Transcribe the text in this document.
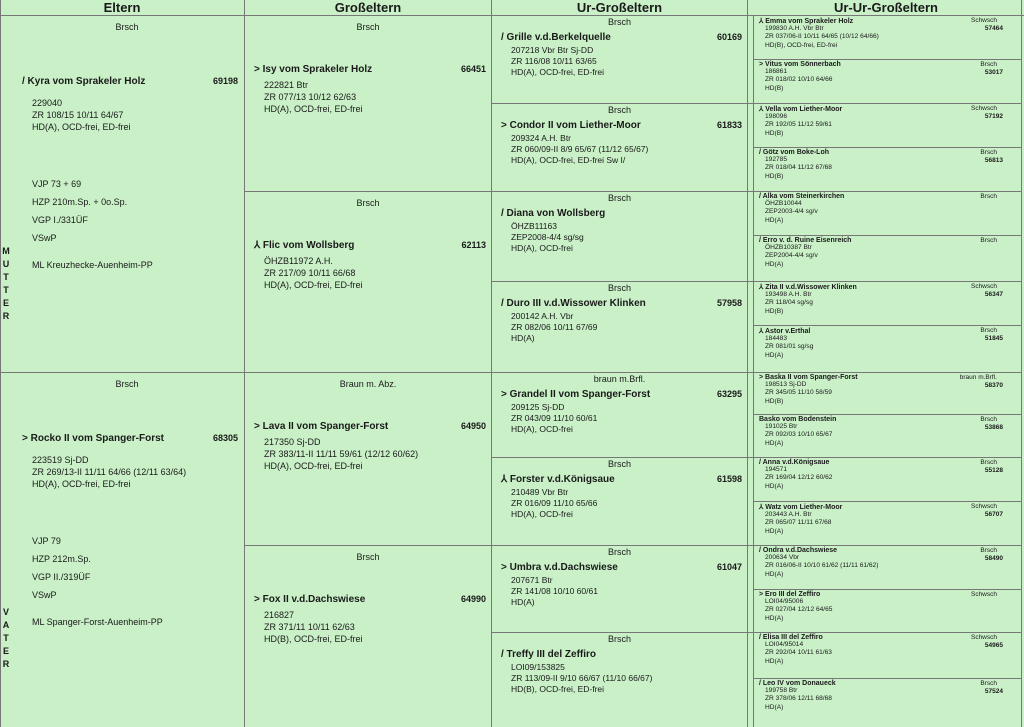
Eltern	Großeltern	Ur-Großeltern	Ur-Ur-Großeltern
M
U
T
T
E
R
V
A
T
E
R
Brsch
/ Kyra vom Sprakeler Holz	69198
229040
ZR 108/15 10/11 64/67
HD(A), OCD-frei, ED-frei
VJP 73 + 69
HZP 210m.Sp. + 0o.Sp.
VGP I./331ÜF
VSwP
ML Kreuzhecke-Auenheim-PP
Brsch
> Rocko II vom Spanger-Forst	68305
223519 Sj-DD
ZR 269/13-II 11/11 64/66 (12/11 63/64)
HD(A), OCD-frei, ED-frei
VJP 79
HZP 212m.Sp.
VGP II./319ÜF
VSwP
ML Spanger-Forst-Auenheim-PP
Brsch
> Isy vom Sprakeler Holz	66451
222821 Btr
ZR 077/13 10/12 62/63
HD(A), OCD-frei, ED-frei
Brsch
⅄ Flic vom Wollsberg	62113
ÖHZB11972 A.H.
ZR 217/09 10/11 66/68
HD(A), OCD-frei, ED-frei
Braun m. Abz.
> Lava II vom Spanger-Forst	64950
217350 Sj-DD
ZR 383/11-II 11/11 59/61 (12/12 60/62)
HD(A), OCD-frei, ED-frei
Brsch
> Fox II v.d.Dachswiese	64990
216827
ZR 371/11 10/11 62/63
HD(B), OCD-frei, ED-frei
Brsch
/ Grille v.d.Berkelquelle	60169
207218 Vbr Btr Sj-DD
ZR 116/08 10/11 63/65
HD(A), OCD-frei, ED-frei
Brsch
> Condor II vom Liether-Moor	61833
209324 A.H. Btr
ZR 060/09-II 8/9 65/67 (11/12 65/67)
HD(A), OCD-frei, ED-frei Sw I/
Brsch
/ Diana von Wollsberg
ÖHZB11163
ZEP2008-4/4 sg/sg
HD(A), OCD-frei
Brsch
/ Duro III v.d.Wissower Klinken	57958
200142 A.H. Vbr
ZR 082/06 10/11 67/69
HD(A)
braun m.Brfl.
> Grandel II vom Spanger-Forst	63295
209125 Sj-DD
ZR 043/09 11/10 60/61
HD(A), OCD-frei
Brsch
⅄ Forster v.d.Königsaue	61598
210489 Vbr Btr
ZR 016/09 11/10 65/66
HD(A), OCD-frei
Brsch
> Umbra v.d.Dachswiese	61047
207671 Btr
ZR 141/08 10/10 60/61
HD(A)
Brsch
/ Treffy III del Zeffiro
LOI09/153825
ZR 113/09-II 9/10 66/67 (11/10 66/67)
HD(B), OCD-frei, ED-frei
⅄ Emma vom Sprakeler Holz	Schwsch
57464
199830 A.H. Vbr Btr
ZR 037/06-II 10/11 64/65 (10/12 64/66)
HD(B), OCD-frei, ED-frei
> Vitus vom Sönnerbach	Brsch
53017
186861
ZR 018/02 10/10 64/66
HD(B)
⅄ Vella vom Liether-Moor	Schwsch
57192
198096
ZR 192/05 11/12 59/61
HD(B)
/ Götz vom Boke-Loh	Brsch
56813
192785
ZR 018/04 11/12 67/68
HD(B)
/ Alka vom Steinerkirchen	Brsch
ÖHZB10044
ZEP2003-4/4 sg/v
HD(A)
/ Erro v. d. Ruine Eisenreich	Brsch
ÖHZB10387 Btr
ZEP2004-4/4 sg/v
HD(A)
⅄ Zita II v.d.Wissower Klinken	Schwsch
56347
193498 A.H. Btr
ZR 118/04 sg/sg
HD(B)
⅄ Astor v.Erthal	Brsch
51845
184483
ZR 081/01 sg/sg
HD(A)
> Baska II vom Spanger-Forst	braun m.Brfl.
58370
198513 Sj-DD
ZR 345/05 11/10 58/59
HD(B)
Basko vom Bodenstein	Brsch
53868
191025 Btr
ZR 092/03 10/10 65/67
HD(A)
/ Anna v.d.Königsaue	Brsch
55128
194571
ZR 169/04 12/12 60/62
HD(A)
⅄ Watz vom Liether-Moor	Schwsch
56707
203443 A.H. Btr
ZR 065/07 11/11 67/68
HD(A)
/ Ondra v.d.Dachswiese	Brsch
58490
200634 Vbr
ZR 016/06-II 10/10 61/62 (11/11 61/62)
HD(A)
> Ero III del Zeffiro	Schwsch
LOI04/95006
ZR 027/04 12/12 64/65
HD(A)
/ Elisa III del Zeffiro	Schwsch
54965
LOI04/95014
ZR 292/04 10/11 61/63
HD(A)
/ Leo IV vom Donaueck	Brsch
57524
199758 Btr
ZR 378/06 12/11 68/68
HD(A)
